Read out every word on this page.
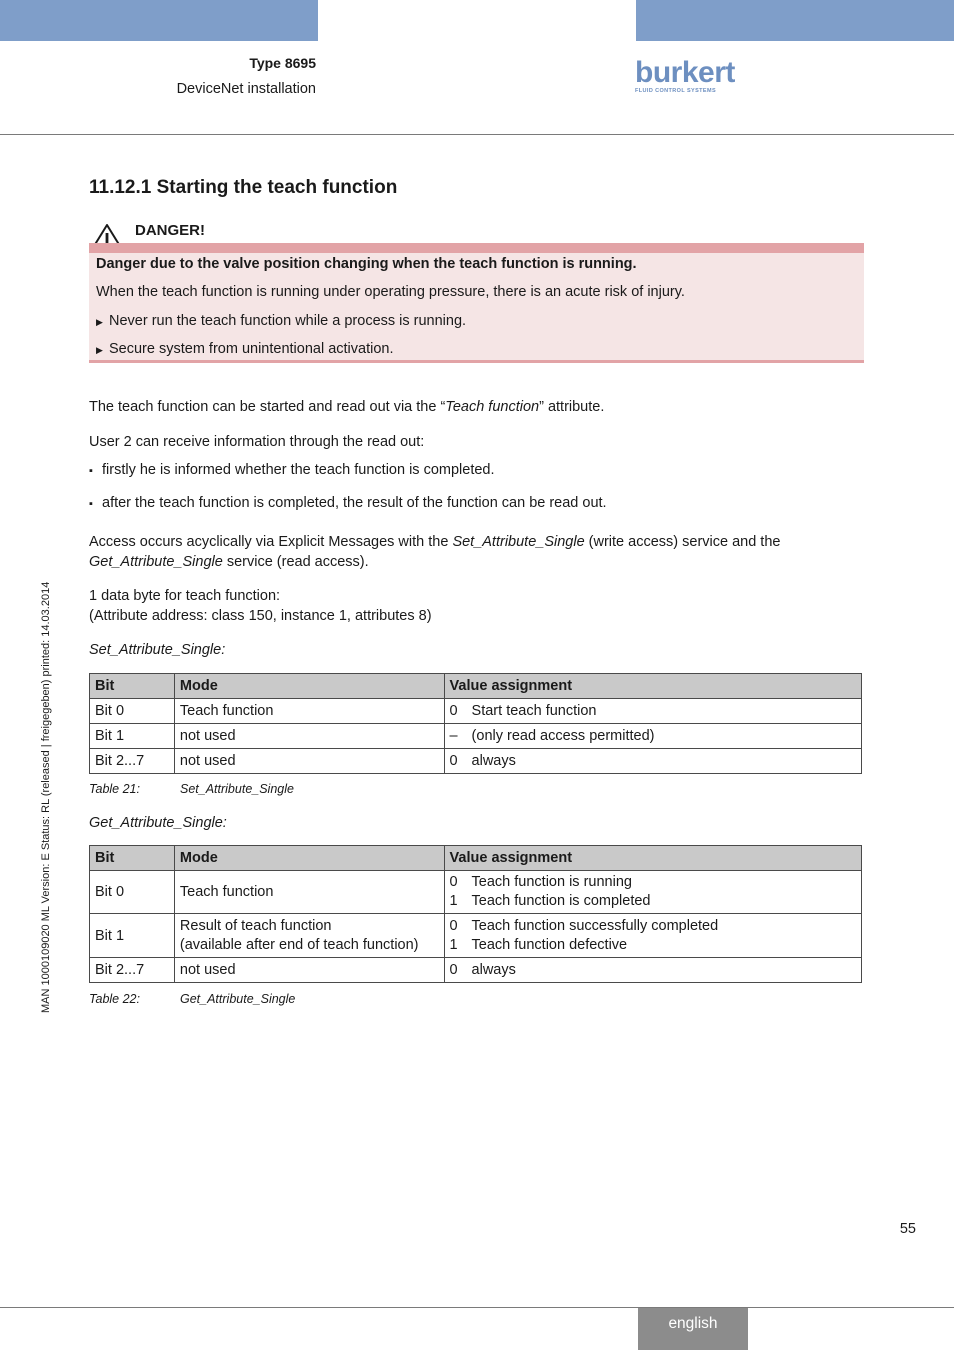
Type 8695
DeviceNet installation	burkert
FLUID CONTROL SYSTEMS
11.12.1 Starting the teach function
DANGER!
Danger due to the valve position changing when the teach function is running.
When the teach function is running under operating pressure, there is an acute risk of injury.
▶ Never run the teach function while a process is running.
▶ Secure system from unintentional activation.
The teach function can be started and read out via the “Teach function” attribute.
User 2 can receive information through the read out:
▪ firstly he is informed whether the teach function is completed.
▪ after the teach function is completed, the result of the function can be read out.
Access occurs acyclically via Explicit Messages with the Set_Attribute_Single (write access) service and the
Get_Attribute_Single service (read access).
1 data byte for teach function:
(Attribute address: class 150, instance 1, attributes 8)
Set_Attribute_Single:
Bit	Mode	Value assignment
Bit 0	Teach function	0 Start teach function

Bit 1	not used	– (only read access permitted)

Bit 2...7	not used	0 always
Table 21:	Set_Attribute_Single
Get_Attribute_Single:
Bit	Mode	Value assignment
Bit 0	Teach function	0 Teach function is running
1 Teach function is completed

Bit 1	Result of teach function
(available after end of teach function)	0 Teach function successfully completed
1 Teach function defective

Bit 2...7	not used	0 always
Table 22:	Get_Attribute_Single
MAN 1000109020 ML Version: E Status: RL (released | freigegeben) printed: 14.03.2014
55
english
